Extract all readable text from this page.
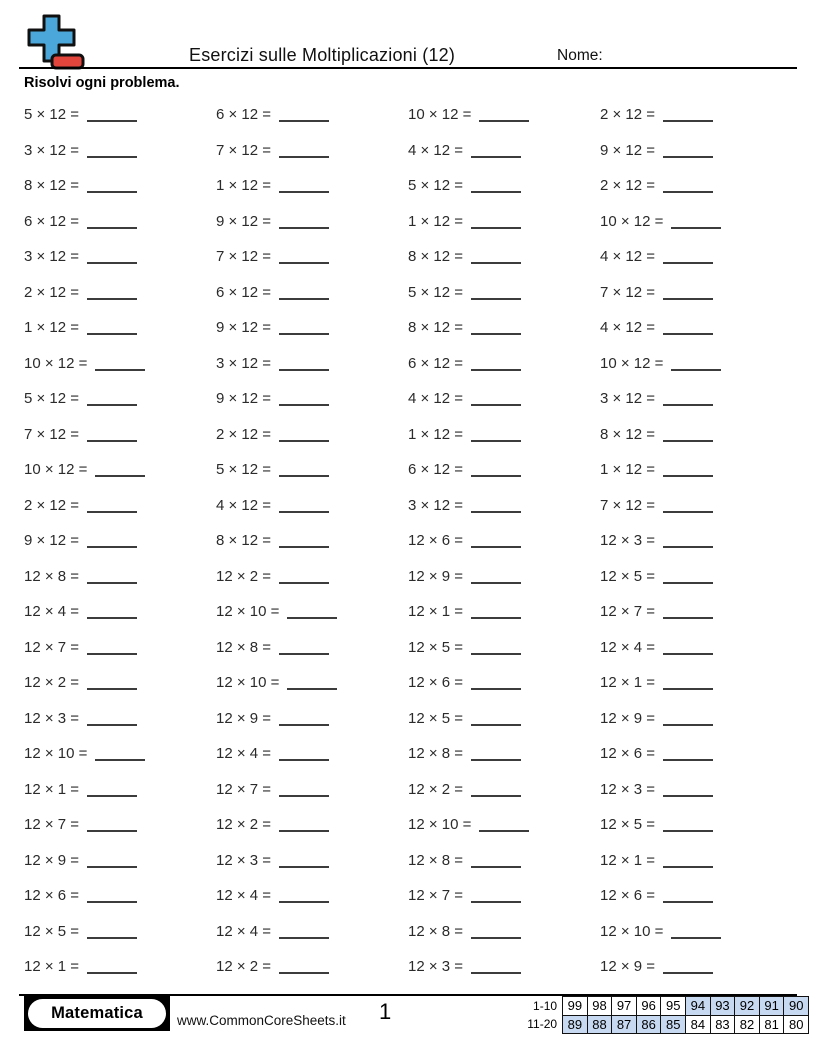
Esercizi sulle Moltiplicazioni (12)	Nome:
Risolvi ogni problema.
5 × 12 =	6 × 12 =	10 × 12 =	2 × 12 =
3 × 12 =	7 × 12 =	4 × 12 =	9 × 12 =
8 × 12 =	1 × 12 =	5 × 12 =	2 × 12 =
6 × 12 =	9 × 12 =	1 × 12 =	10 × 12 =
3 × 12 =	7 × 12 =	8 × 12 =	4 × 12 =
2 × 12 =	6 × 12 =	5 × 12 =	7 × 12 =
1 × 12 =	9 × 12 =	8 × 12 =	4 × 12 =
10 × 12 =	3 × 12 =	6 × 12 =	10 × 12 =
5 × 12 =	9 × 12 =	4 × 12 =	3 × 12 =
7 × 12 =	2 × 12 =	1 × 12 =	8 × 12 =
10 × 12 =	5 × 12 =	6 × 12 =	1 × 12 =
2 × 12 =	4 × 12 =	3 × 12 =	7 × 12 =
9 × 12 =	8 × 12 =	12 × 6 =	12 × 3 =
12 × 8 =	12 × 2 =	12 × 9 =	12 × 5 =
12 × 4 =	12 × 10 =	12 × 1 =	12 × 7 =
12 × 7 =	12 × 8 =	12 × 5 =	12 × 4 =
12 × 2 =	12 × 10 =	12 × 6 =	12 × 1 =
12 × 3 =	12 × 9 =	12 × 5 =	12 × 9 =
12 × 10 =	12 × 4 =	12 × 8 =	12 × 6 =
12 × 1 =	12 × 7 =	12 × 2 =	12 × 3 =
12 × 7 =	12 × 2 =	12 × 10 =	12 × 5 =
12 × 9 =	12 × 3 =	12 × 8 =	12 × 1 =
12 × 6 =	12 × 4 =	12 × 7 =	12 × 6 =
12 × 5 =	12 × 4 =	12 × 8 =	12 × 10 =
12 × 1 =	12 × 2 =	12 × 3 =	12 × 9 =
Matematica	www.CommonCoreSheets.it 1	1-10	99	98	97	96	95	94	93	92	91	90
11-20	89	88	87	86	85	84	83	82	81	80
